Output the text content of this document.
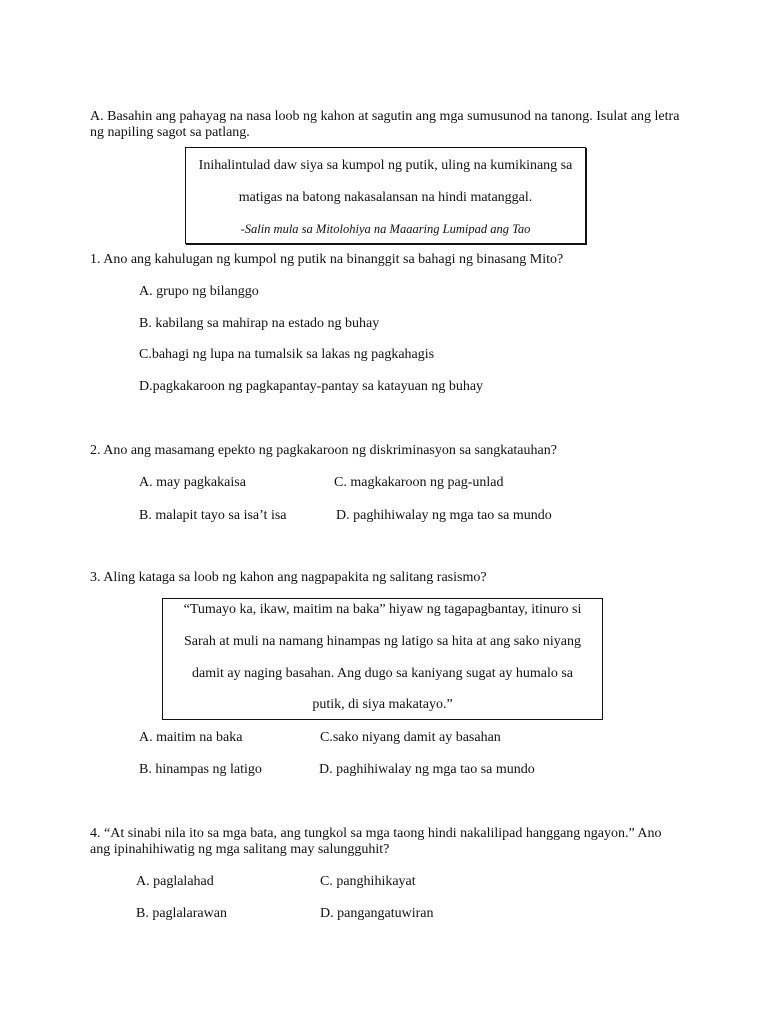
A. Basahin ang pahayag na nasa loob ng kahon at sagutin ang mga sumusunod na tanong. Isulat ang letra ng napiling sagot sa patlang.
Inihalintulad daw siya sa kumpol ng putik, uling na kumikinang sa
matigas na batong nakasalansan na hindi matanggal.
-Salin mula sa Mitolohiya na Maaaring Lumipad ang Tao
1. Ano ang kahulugan ng kumpol ng putik na binanggit sa bahagi ng binasang Mito?
A. grupo ng bilanggo
B. kabilang sa mahirap na estado ng buhay
C.bahagi ng lupa na tumalsik sa lakas ng pagkahagis
D.pagkakaroon ng pagkapantay-pantay sa katayuan ng buhay
2. Ano ang masamang epekto ng pagkakaroon ng diskriminasyon sa sangkatauhan?
A. may pagkakaisa	C. magkakaroon ng pag-unlad
B. malapit tayo sa isa’t isa	D. paghihiwalay ng mga tao sa mundo
3. Aling kataga sa loob ng kahon ang nagpapakita ng salitang rasismo?
“Tumayo ka, ikaw, maitim na baka” hiyaw ng tagapagbantay, itinuro si
Sarah at muli na namang hinampas ng latigo sa hita at ang sako niyang
damit ay naging basahan. Ang dugo sa kaniyang sugat ay humalo sa
putik, di siya makatayo.”
A. maitim na baka	C.sako niyang damit ay basahan
B. hinampas ng latigo	D. paghihiwalay ng mga tao sa mundo
4. “At sinabi nila ito sa mga bata, ang tungkol sa mga taong hindi nakalilipad hanggang ngayon.” Ano ang ipinahihiwatig ng mga salitang may salungguhit?
A. paglalahad	C. panghihikayat
B. paglalarawan	D. pangangatuwiran
